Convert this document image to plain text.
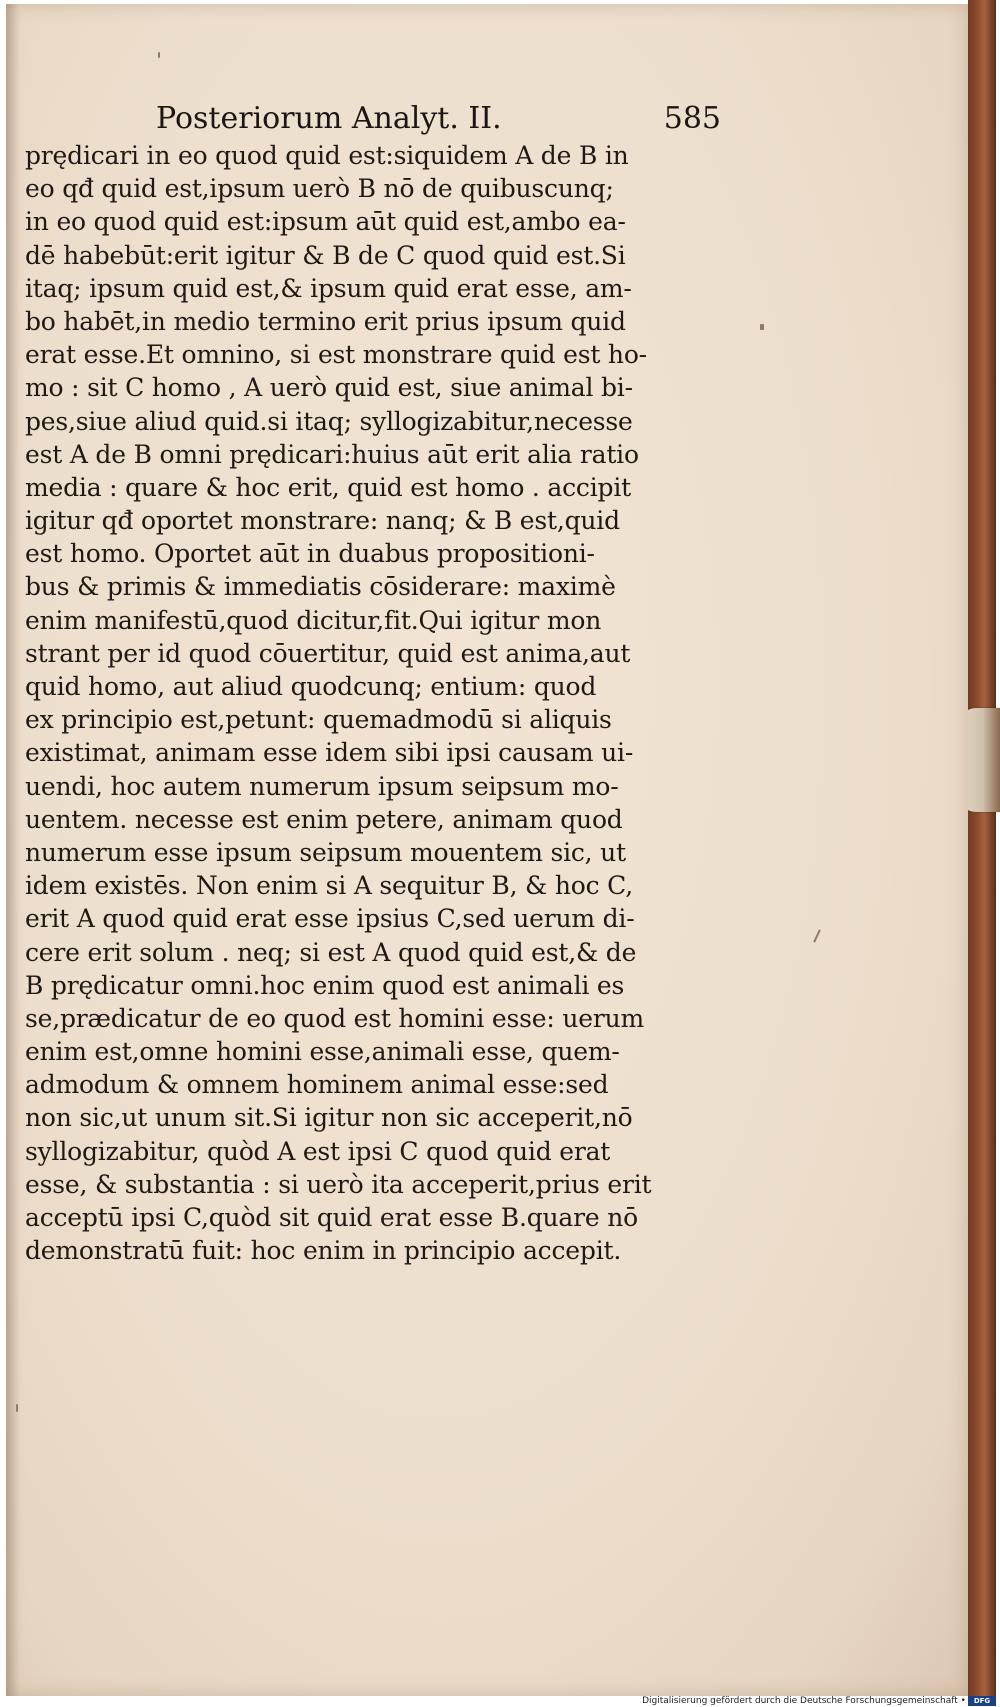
Posteriorum Analyt. II.	585
prędicari in eo quod quid est:siquidem A de B in
eo qđ quid est,ipsum uerò B nō de quibuscunq;
in eo quod quid est:ipsum aūt quid est,ambo ea-
dē habebūt:erit igitur & B de C quod quid est.Si
itaq; ipsum quid est,& ipsum quid erat esse, am-
bo habēt,in medio termino erit prius ipsum quid
erat esse.Et omnino, si est monstrare quid est ho-
mo : sit C homo , A uerò quid est, siue animal bi-
pes,siue aliud quid.si itaq; syllogizabitur,necesse
est A de B omni prędicari:huius aūt erit alia ratio
media : quare & hoc erit, quid est homo . accipit
igitur qđ oportet monstrare: nanq; & B est,quid
est homo. Oportet aūt in duabus propositioni-
bus & primis & immediatis cōsiderare: maximè
enim manifestū,quod dicitur,fit.Qui igitur mon
strant per id quod cōuertitur, quid est anima,aut
quid homo, aut aliud quodcunq; entium: quod
ex principio est,petunt: quemadmodū si aliquis
existimat, animam esse idem sibi ipsi causam ui-
uendi, hoc autem numerum ipsum seipsum mo-
uentem. necesse est enim petere, animam quod
numerum esse ipsum seipsum mouentem sic, ut
idem existēs. Non enim si A sequitur B, & hoc C,
erit A quod quid erat esse ipsius C,sed uerum di-
cere erit solum . neq; si est A quod quid est,& de
B prędicatur omni.hoc enim quod est animali es
se,prædicatur de eo quod est homini esse: uerum
enim est,omne homini esse,animali esse, quem-
admodum & omnem hominem animal esse:sed
non sic,ut unum sit.Si igitur non sic acceperit,nō
syllogizabitur, quòd A est ipsi C quod quid erat
esse, & substantia : si uerò ita acceperit,prius erit
acceptū ipsi C,quòd sit quid erat esse B.quare nō
demonstratū fuit: hoc enim in principio accepit.
Digitalisierung gefördert durch die Deutsche Forschungsgemeinschaft •	DFG
